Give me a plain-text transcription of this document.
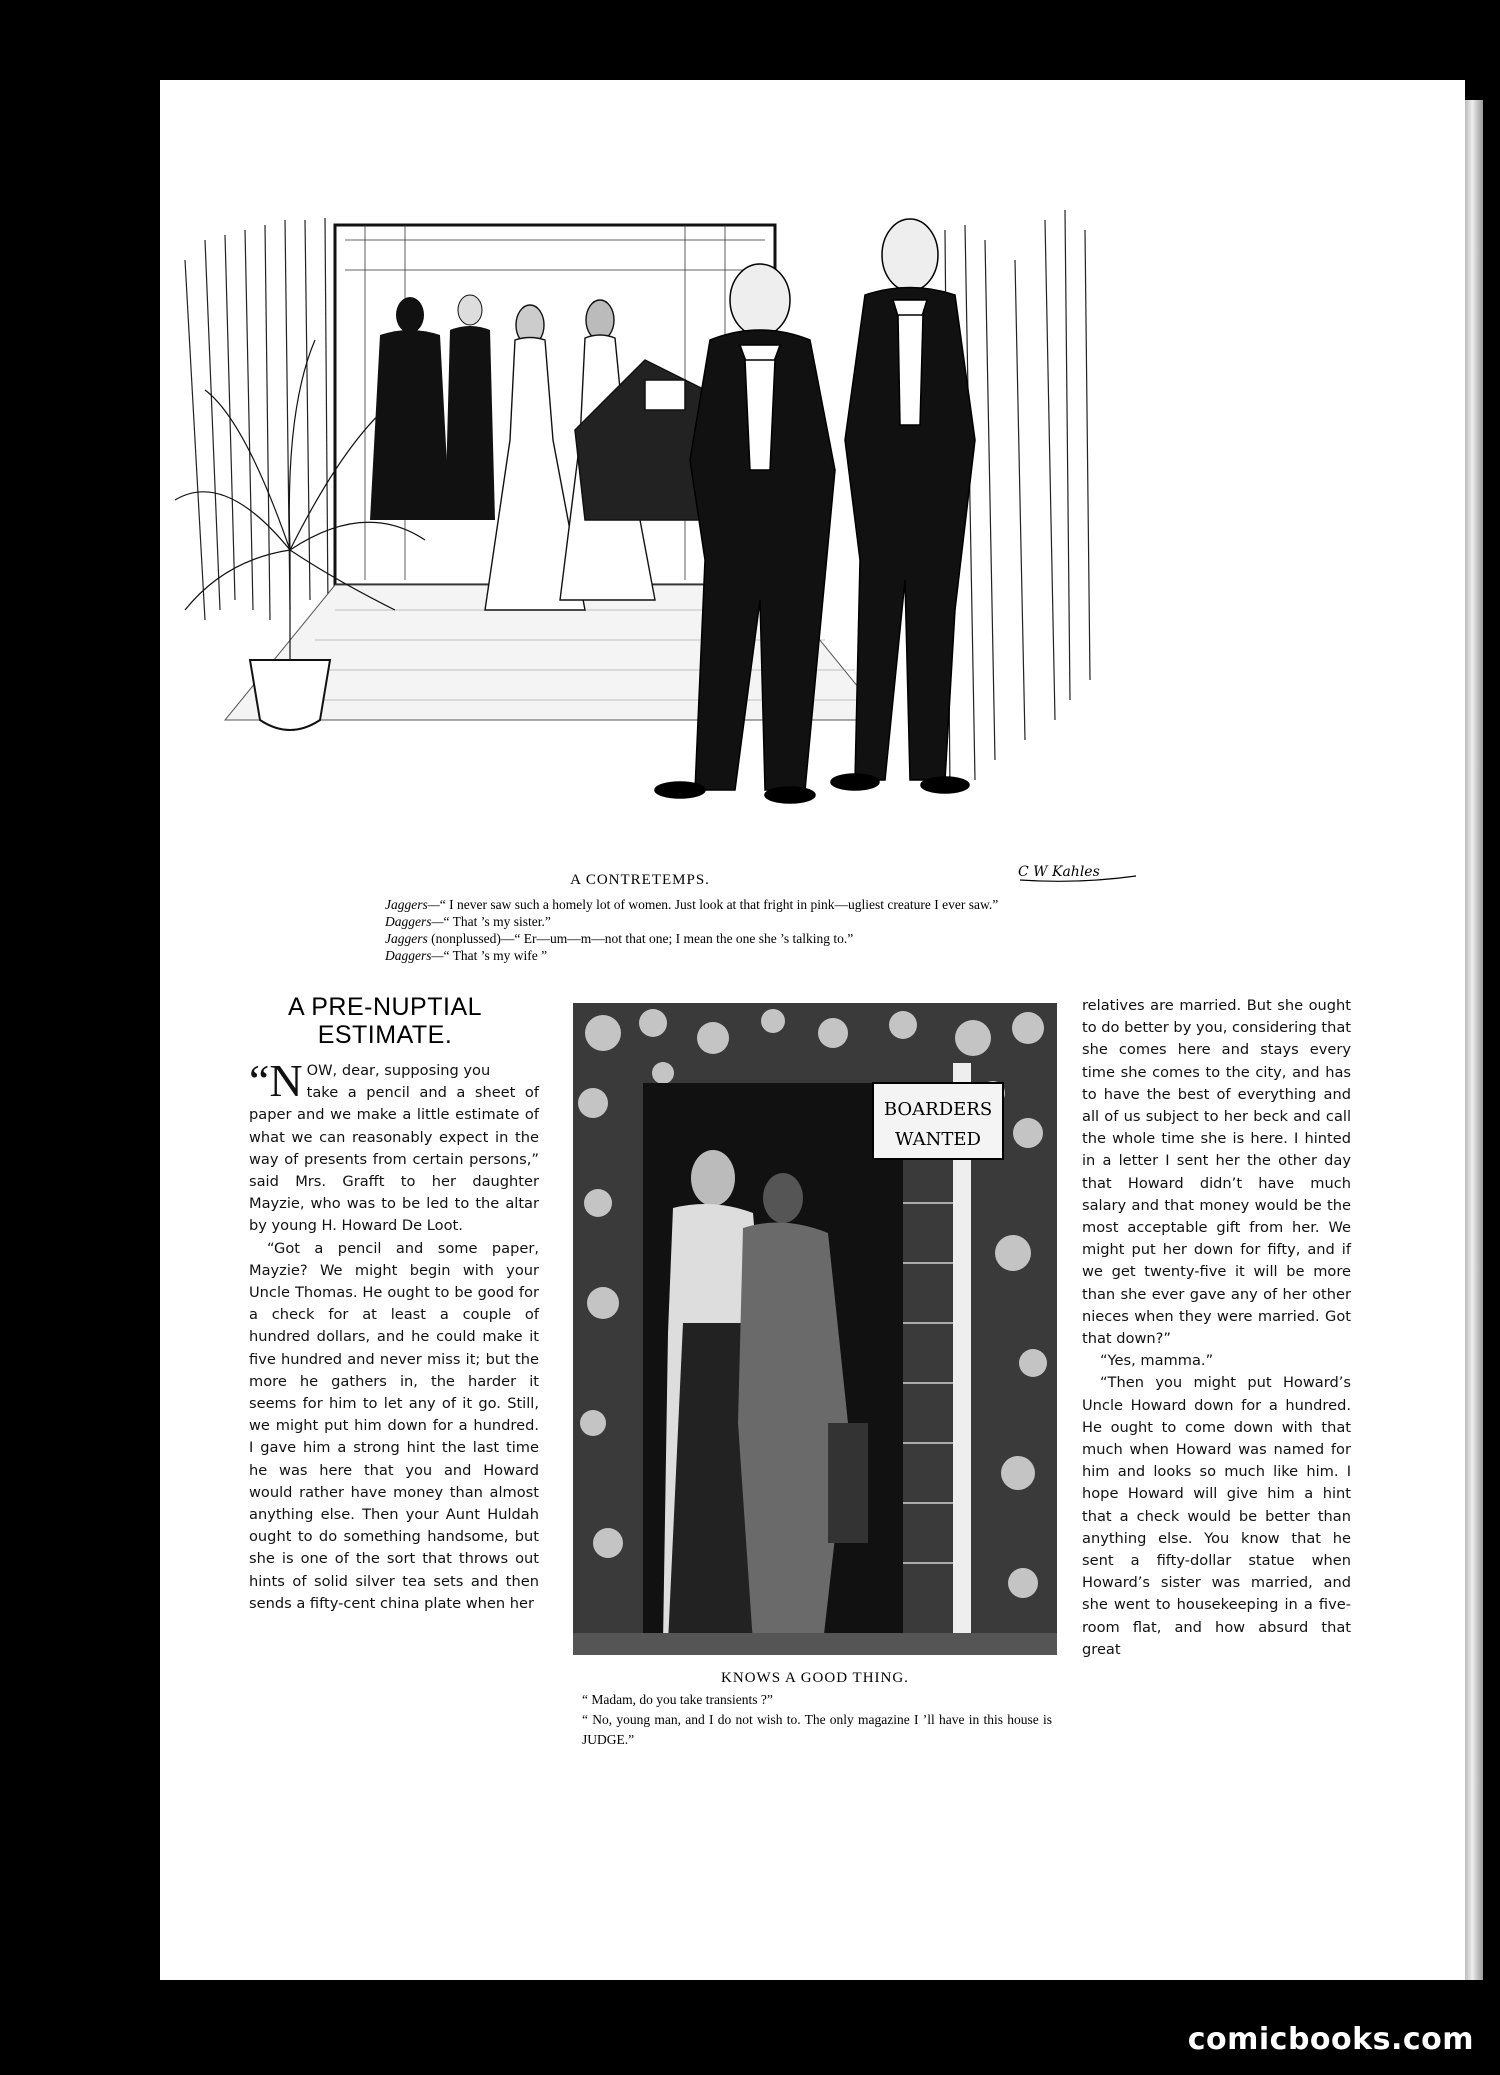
C W Kahles
A CONTRETEMPS.
Jaggers—“ I never saw such a homely lot of women. Just look at that fright in pink—ugliest creature I ever saw.”
Daggers—“ That ’s my sister.”
Jaggers (nonplussed)—“ Er—um—m—not that one; I mean the one she ’s talking to.”
Daggers—“ That ’s my wife ”
A PRE-NUPTIAL
ESTIMATE.

“N OW, dear, supposing you
take a pencil and a sheet of paper and we make a little estimate of what we can reasonably expect in the way of presents from certain persons,” said Mrs. Grafft to her daughter Mayzie, who was to be led to the altar by young H. Howard De Loot.

“Got a pencil and some paper, Mayzie? We might begin with your Uncle Thomas. He ought to be good for a check for at least a couple of hundred dollars, and he could make it five hundred and never miss it; but the more he gathers in, the harder it seems for him to let any of it go. Still, we might put him down for a hundred. I gave him a strong hint the last time he was here that you and Howard would rather have money than almost anything else. Then your Aunt Huldah ought to do something handsome, but she is one of the sort that throws out hints of solid silver tea sets and then sends a fifty-cent china plate when her

BOARDERS
WANTED
KNOWS A GOOD THING.
“ Madam, do you take transients ?”
“ No, young man, and I do not wish to. The only magazine I ’ll have in this house is JUDGE.”

relatives are married. But she ought to do better by you, considering that she comes here and stays every time she comes to the city, and has to have the best of everything and all of us subject to her beck and call the whole time she is here. I hinted in a letter I sent her the other day that Howard didn’t have much salary and that money would be the most acceptable gift from her. We might put her down for fifty, and if we get twenty-five it will be more than she ever gave any of her other nieces when they were married. Got that down?”

“Yes, mamma.”

“Then you might put Howard’s Uncle Howard down for a hundred. He ought to come down with that much when Howard was named for him and looks so much like him. I hope Howard will give him a hint that a check would be better than anything else. You know that he sent a fifty-dollar statue when Howard’s sister was married, and she went to housekeeping in a five-room flat, and how absurd that great

comicbooks.com
